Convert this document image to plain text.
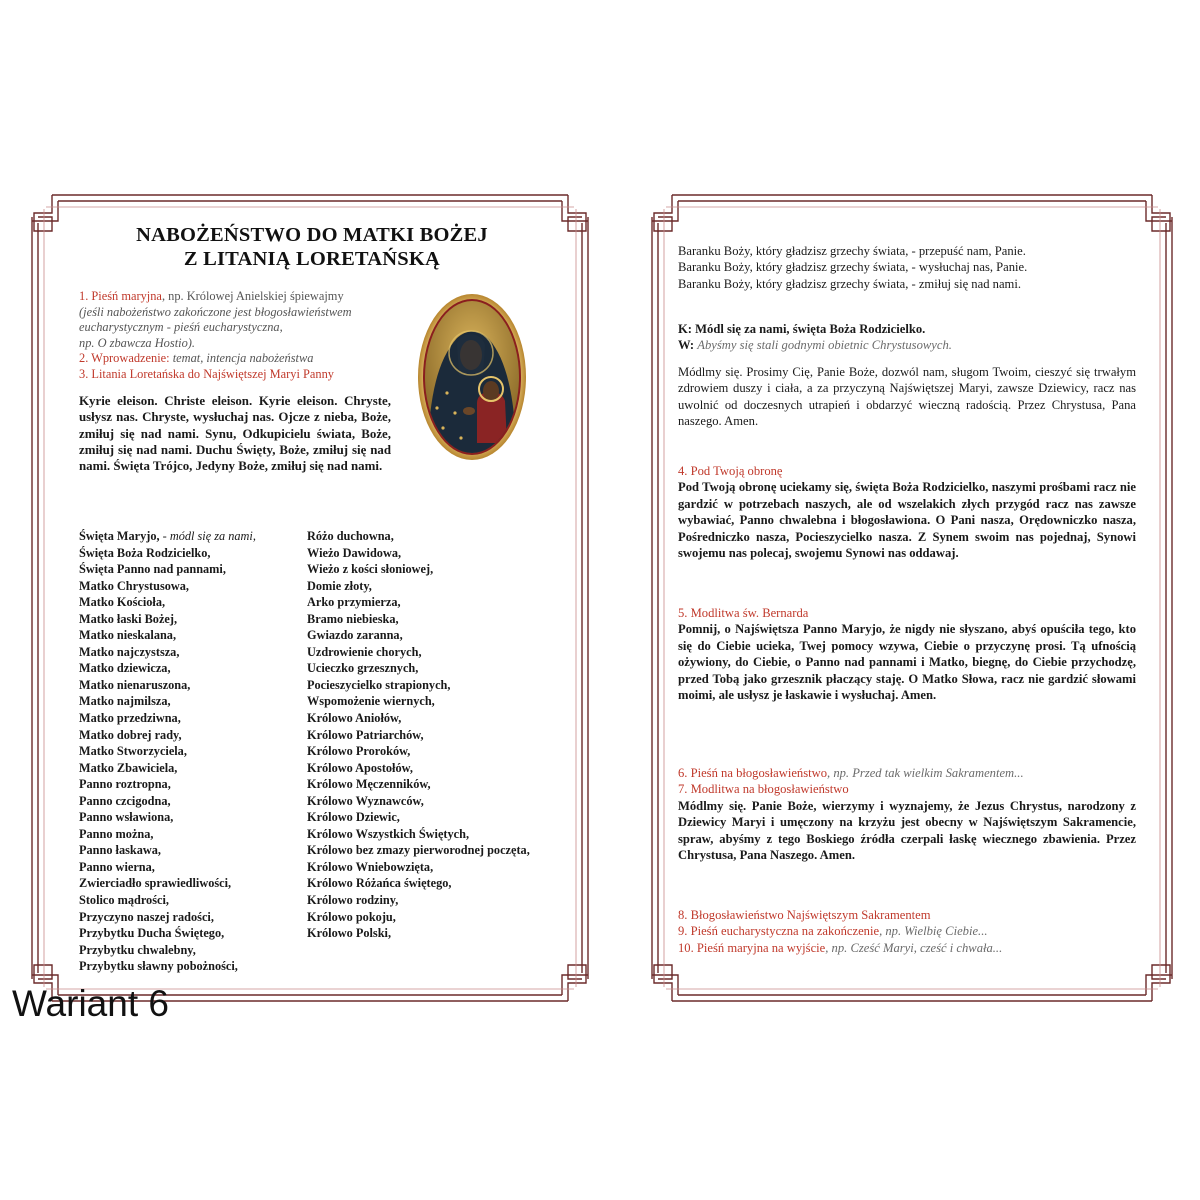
NABOŻEŃSTWO DO MATKI BOŻEJ
Z LITANIĄ LORETAŃSKĄ
1. Pieśń maryjna, np. Królowej Anielskiej śpiewajmy
(jeśli nabożeństwo zakończone jest błogosławieństwem
eucharystycznym - pieśń eucharystyczna,
np. O zbawcza Hostio).
2. Wprowadzenie: temat, intencja nabożeństwa
3. Litania Loretańska do Najświętszej Maryi Panny
Kyrie eleison. Christe eleison. Kyrie eleison. Chryste, usłysz nas. Chryste, wysłuchaj nas. Ojcze z nieba, Boże, zmiłuj się nad nami. Synu, Odkupicielu świata, Boże, zmiłuj się nad nami. Duchu Święty, Boże, zmiłuj się nad nami. Święta Trójco, Jedyny Boże, zmiłuj się nad nami.
Święta Maryjo, - módl się za nami,
Święta Boża Rodzicielko,
Święta Panno nad pannami,
Matko Chrystusowa,
Matko Kościoła,
Matko łaski Bożej,
Matko nieskalana,
Matko najczystsza,
Matko dziewicza,
Matko nienaruszona,
Matko najmilsza,
Matko przedziwna,
Matko dobrej rady,
Matko Stworzyciela,
Matko Zbawiciela,
Panno roztropna,
Panno czcigodna,
Panno wsławiona,
Panno można,
Panno łaskawa,
Panno wierna,
Zwierciadło sprawiedliwości,
Stolico mądrości,
Przyczyno naszej radości,
Przybytku Ducha Świętego,
Przybytku chwalebny,
Przybytku sławny pobożności,
Różo duchowna,
Wieżo Dawidowa,
Wieżo z kości słoniowej,
Domie złoty,
Arko przymierza,
Bramo niebieska,
Gwiazdo zaranna,
Uzdrowienie chorych,
Ucieczko grzesznych,
Pocieszycielko strapionych,
Wspomożenie wiernych,
Królowo Aniołów,
Królowo Patriarchów,
Królowo Proroków,
Królowo Apostołów,
Królowo Męczenników,
Królowo Wyznawców,
Królowo Dziewic,
Królowo Wszystkich Świętych,
Królowo bez zmazy pierworodnej poczęta,
Królowo Wniebowzięta,
Królowo Różańca świętego,
Królowo rodziny,
Królowo pokoju,
Królowo Polski,
Wariant 6
Baranku Boży, który gładzisz grzechy świata, - przepuść nam, Panie.
Baranku Boży, który gładzisz grzechy świata, - wysłuchaj nas, Panie.
Baranku Boży, który gładzisz grzechy świata, - zmiłuj się nad nami.
K: Módl się za nami, święta Boża Rodzicielko.
W: Abyśmy się stali godnymi obietnic Chrystusowych.
Módlmy się. Prosimy Cię, Panie Boże, dozwól nam, sługom Twoim, cieszyć się trwałym zdrowiem duszy i ciała, a za przyczyną Najświętszej Maryi, zawsze Dziewicy, racz nas uwolnić od doczesnych utrapień i obdarzyć wieczną radością. Przez Chrystusa, Pana naszego. Amen.
4. Pod Twoją obronę
Pod Twoją obronę uciekamy się, święta Boża Rodzicielko, naszymi prośbami racz nie gardzić w potrzebach naszych, ale od wszelakich złych przygód racz nas zawsze wybawiać, Panno chwalebna i błogosławiona. O Pani nasza, Orędowniczko nasza, Pośredniczko nasza, Pocieszycielko nasza. Z Synem swoim nas pojednaj, Synowi swojemu nas polecaj, swojemu Synowi nas oddawaj.
5. Modlitwa św. Bernarda
Pomnij, o Najświętsza Panno Maryjo, że nigdy nie słyszano, abyś opuściła tego, kto się do Ciebie ucieka, Twej pomocy wzywa, Ciebie o przyczynę prosi. Tą ufnością ożywiony, do Ciebie, o Panno nad pannami i Matko, biegnę, do Ciebie przychodzę, przed Tobą jako grzesznik płaczący staję. O Matko Słowa, racz nie gardzić słowami moimi, ale usłysz je łaskawie i wysłuchaj. Amen.
6. Pieśń na błogosławieństwo, np. Przed tak wielkim Sakramentem...
7. Modlitwa na błogosławieństwo
Módlmy się. Panie Boże, wierzymy i wyznajemy, że Jezus Chrystus, narodzony z Dziewicy Maryi i umęczony na krzyżu jest obecny w Najświętszym Sakramencie, spraw, abyśmy z tego Boskiego źródła czerpali łaskę wiecznego zbawienia. Przez Chrystusa, Pana Naszego. Amen.
8. Błogosławieństwo Najświętszym Sakramentem
9. Pieśń eucharystyczna na zakończenie, np. Wielbię Ciebie...
10. Pieśń maryjna na wyjście, np. Cześć Maryi, cześć i chwała...
